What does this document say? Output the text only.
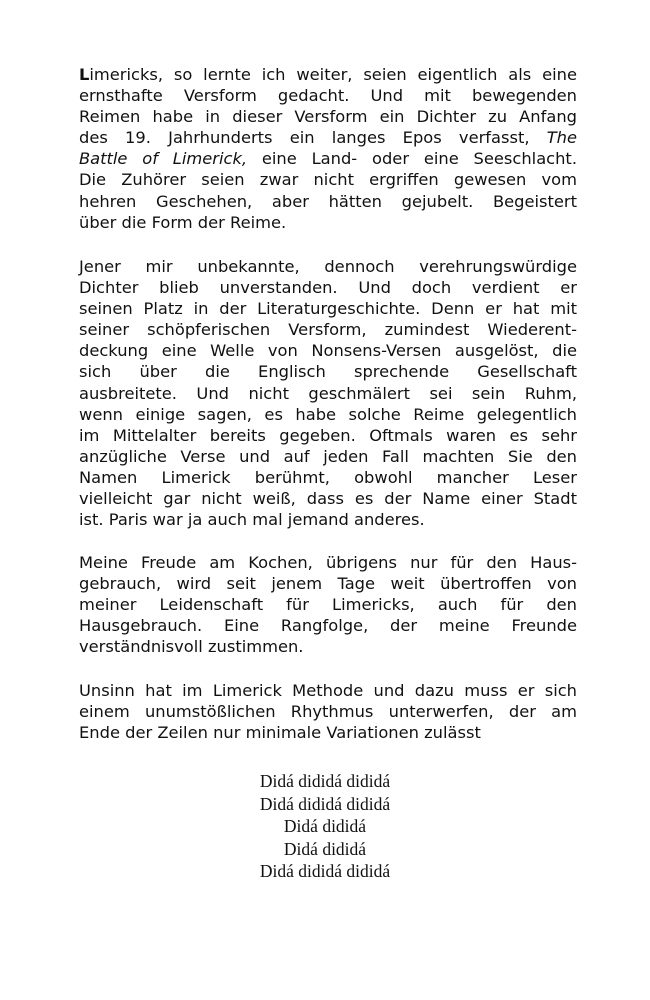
Limericks, so lernte ich weiter, seien eigentlich als eine
ernsthafte Versform gedacht. Und mit bewegenden
Reimen habe in dieser Versform ein Dichter zu Anfang
des 19. Jahrhunderts ein langes Epos verfasst, The
Battle of Limerick, eine Land- oder eine Seeschlacht.
Die Zuhörer seien zwar nicht ergriffen gewesen vom
hehren Geschehen, aber hätten gejubelt. Begeistert
über die Form der Reime.

Jener mir unbekannte, dennoch verehrungswürdige
Dichter blieb unverstanden. Und doch verdient er
seinen Platz in der Literaturgeschichte. Denn er hat mit
seiner schöpferischen Versform, zumindest Wiederent-
deckung eine Welle von Nonsens-Versen ausgelöst, die
sich über die Englisch sprechende Gesellschaft
ausbreitete. Und nicht geschmälert sei sein Ruhm,
wenn einige sagen, es habe solche Reime gelegentlich
im Mittelalter bereits gegeben. Oftmals waren es sehr
anzügliche Verse und auf jeden Fall machten Sie den
Namen Limerick berühmt, obwohl mancher Leser
vielleicht gar nicht weiß, dass es der Name einer Stadt
ist. Paris war ja auch mal jemand anderes.

Meine Freude am Kochen, übrigens nur für den Haus-
gebrauch, wird seit jenem Tage weit übertroffen von
meiner Leidenschaft für Limericks, auch für den
Hausgebrauch. Eine Rangfolge, der meine Freunde
verständnisvoll zustimmen.

Unsinn hat im Limerick Methode und dazu muss er sich
einem unumstößlichen Rhythmus unterwerfen, der am
Ende der Zeilen nur minimale Variationen zulässt

Didá dididá dididá
Didá dididá dididá
Didá dididá
Didá dididá
Didá dididá dididá
